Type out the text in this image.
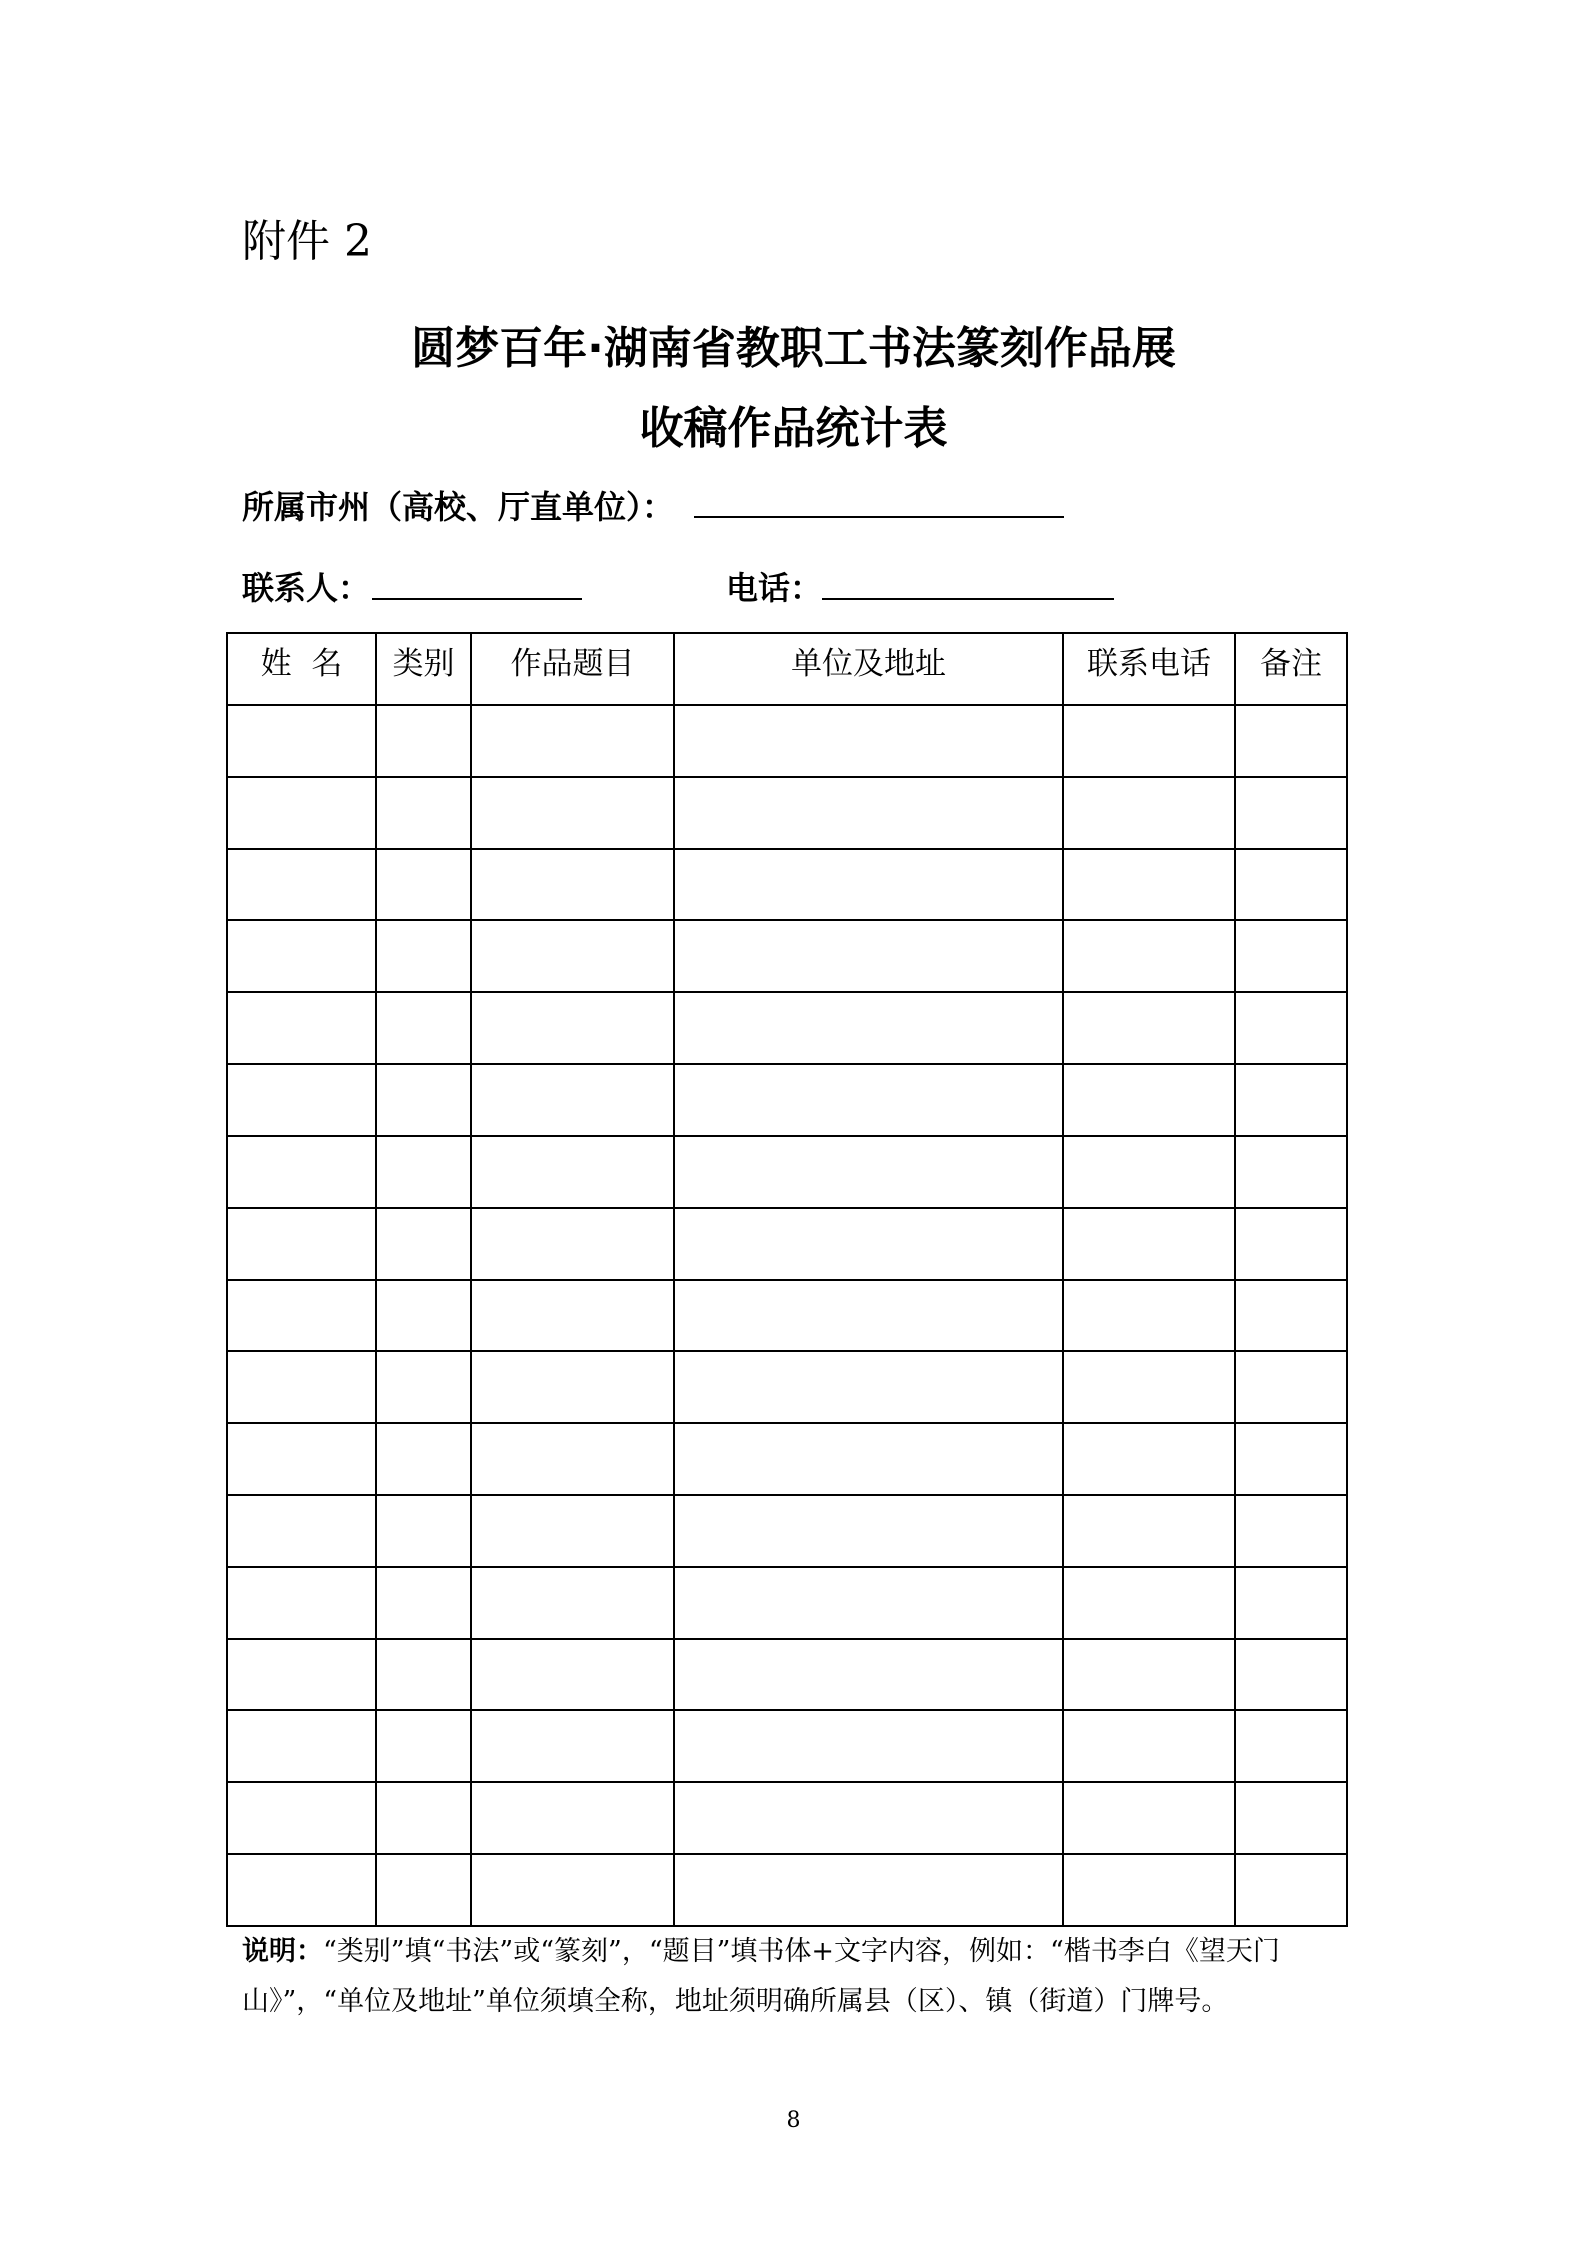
附件 2
圆梦百年·湖南省教职工书法篆刻作品展
收稿作品统计表
所属市州（高校、厅直单位）：
联系人：	电话：
姓  名	类别	作品题目	单位及地址	联系电话	备注

说明：“类别”填“书法”或“篆刻”，“题目”填书体+文字内容，例如：“楷书李白《望天门山》”，“单位及地址”单位须填全称，地址须明确所属县（区）、镇（街道）门牌号。
8
